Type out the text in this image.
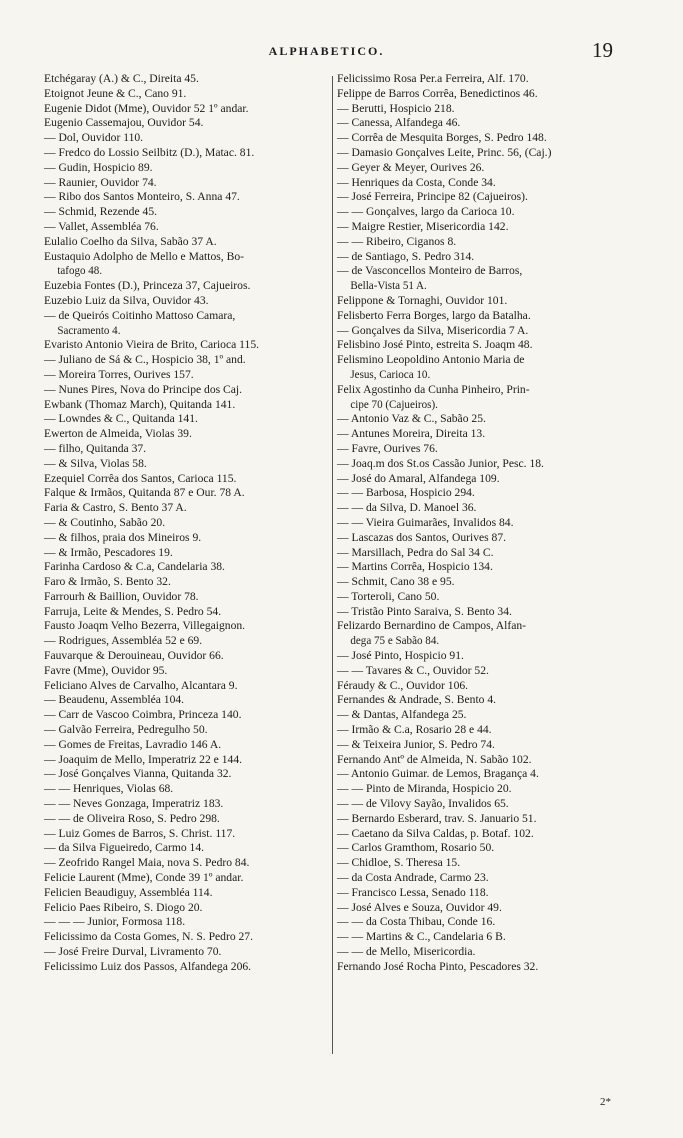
ALPHABETICO.	19
Etchégaray (A.) & C., Direita 45.
Etoignot Jeune & C., Cano 91.
Eugenie Didot (Mme), Ouvidor 52 1º andar.
Eugenio Cassemajou, Ouvidor 54.
— Dol, Ouvidor 110.
— Fredco do Lossio Seilbitz (D.), Matac. 81.
— Gudin, Hospicio 89.
— Raunier, Ouvidor 74.
— Ribo dos Santos Monteiro, S. Anna 47.
— Schmid, Rezende 45.
— Vallet, Assembléa 76.
Eulalio Coelho da Silva, Sabão 37 A.
Eustaquio Adolpho de Mello e Mattos, Bo-
tafogo 48.
Euzebia Fontes (D.), Princeza 37, Cajueiros.
Euzebio Luiz da Silva, Ouvidor 43.
— de Queirós Coitinho Mattoso Camara,
Sacramento 4.
Evaristo Antonio Vieira de Brito, Carioca 115.
— Juliano de Sá & C., Hospicio 38, 1º and.
— Moreira Torres, Ourives 157.
— Nunes Pires, Nova do Principe dos Caj.
Ewbank (Thomaz March), Quitanda 141.
— Lowndes & C., Quitanda 141.
Ewerton de Almeida, Violas 39.
— filho, Quitanda 37.
— & Silva, Violas 58.
Ezequiel Corrêa dos Santos, Carioca 115.
Falque & Irmãos, Quitanda 87 e Our. 78 A.
Faria & Castro, S. Bento 37 A.
— & Coutinho, Sabão 20.
— & filhos, praia dos Mineiros 9.
— & Irmão, Pescadores 19.
Farinha Cardoso & C.a, Candelaria 38.
Faro & Irmão, S. Bento 32.
Farrourh & Baillion, Ouvidor 78.
Farruja, Leite & Mendes, S. Pedro 54.
Fausto Joaqm Velho Bezerra, Villegaignon.
— Rodrigues, Assembléa 52 e 69.
Fauvarque & Derouineau, Ouvidor 66.
Favre (Mme), Ouvidor 95.
Feliciano Alves de Carvalho, Alcantara 9.
— Beaudenu, Assembléa 104.
— Carr de Vascoo Coimbra, Princeza 140.
— Galvão Ferreira, Pedregulho 50.
— Gomes de Freitas, Lavradio 146 A.
— Joaquim de Mello, Imperatriz 22 e 144.
— José Gonçalves Vianna, Quitanda 32.
— — Henriques, Violas 68.
— — Neves Gonzaga, Imperatriz 183.
— — de Oliveira Roso, S. Pedro 298.
— Luiz Gomes de Barros, S. Christ. 117.
— da Silva Figueiredo, Carmo 14.
— Zeofrido Rangel Maia, nova S. Pedro 84.
Felicie Laurent (Mme), Conde 39 1º andar.
Felicien Beaudiguy, Assembléa 114.
Felicio Paes Ribeiro, S. Diogo 20.
— — — Junior, Formosa 118.
Felicissimo da Costa Gomes, N. S. Pedro 27.
— José Freire Durval, Livramento 70.
Felicissimo Luiz dos Passos, Alfandega 206.
Felicissimo Rosa Per.a Ferreira, Alf. 170.
Felippe de Barros Corrêa, Benedictinos 46.
— Berutti, Hospicio 218.
— Canessa, Alfandega 46.
— Corrêa de Mesquita Borges, S. Pedro 148.
— Damasio Gonçalves Leite, Princ. 56, (Caj.)
— Geyer & Meyer, Ourives 26.
— Henriques da Costa, Conde 34.
— José Ferreira, Principe 82 (Cajueiros).
— — Gonçalves, largo da Carioca 10.
— Maigre Restier, Misericordia 142.
— — Ribeiro, Ciganos 8.
— de Santiago, S. Pedro 314.
— de Vasconcellos Monteiro de Barros,
Bella-Vista 51 A.
Felippone & Tornaghi, Ouvidor 101.
Felisberto Ferra Borges, largo da Batalha.
— Gonçalves da Silva, Misericordia 7 A.
Felisbino José Pinto, estreita S. Joaqm 48.
Felismino Leopoldino Antonio Maria de
Jesus, Carioca 10.
Felix Agostinho da Cunha Pinheiro, Prin-
cipe 70 (Cajueiros).
— Antonio Vaz & C., Sabão 25.
— Antunes Moreira, Direita 13.
— Favre, Ourives 76.
— Joaq.m dos St.os Cassão Junior, Pesc. 18.
— José do Amaral, Alfandega 109.
— — Barbosa, Hospicio 294.
— — da Silva, D. Manoel 36.
— — Vieira Guimarães, Invalidos 84.
— Lascazas dos Santos, Ourives 87.
— Marsillach, Pedra do Sal 34 C.
— Martins Corrêa, Hospicio 134.
— Schmit, Cano 38 e 95.
— Torteroli, Cano 50.
— Tristão Pinto Saraiva, S. Bento 34.
Felizardo Bernardino de Campos, Alfan-
dega 75 e Sabão 84.
— José Pinto, Hospicio 91.
— — Tavares & C., Ouvidor 52.
Féraudy & C., Ouvidor 106.
Fernandes & Andrade, S. Bento 4.
— & Dantas, Alfandega 25.
— Irmão & C.a, Rosario 28 e 44.
— & Teixeira Junior, S. Pedro 74.
Fernando Antº de Almeida, N. Sabão 102.
— Antonio Guimar. de Lemos, Bragança 4.
— — Pinto de Miranda, Hospicio 20.
— — de Vilovy Sayão, Invalidos 65.
— Bernardo Esberard, trav. S. Januario 51.
— Caetano da Silva Caldas, p. Botaf. 102.
— Carlos Gramthom, Rosario 50.
— Chidloe, S. Theresa 15.
— da Costa Andrade, Carmo 23.
— Francisco Lessa, Senado 118.
— José Alves e Souza, Ouvidor 49.
— — da Costa Thibau, Conde 16.
— — Martins & C., Candelaria 6 B.
— — de Mello, Misericordia.
Fernando José Rocha Pinto, Pescadores 32.
2*
